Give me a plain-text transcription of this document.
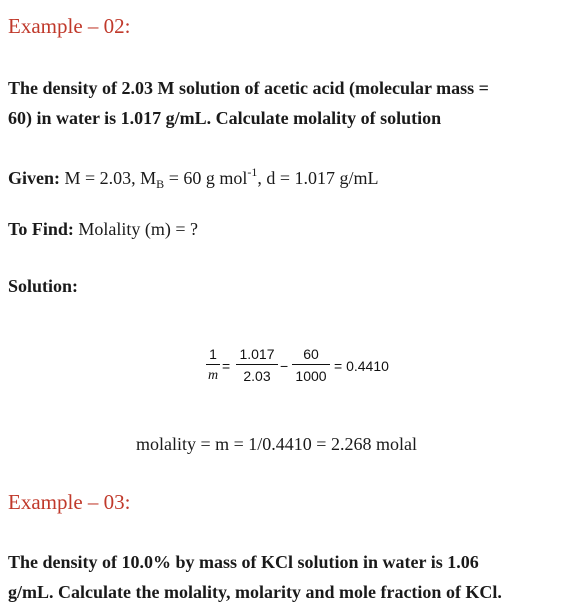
Example – 02:

The density of 2.03 M solution of acetic acid (molecular mass =
60) in water is 1.017 g/mL. Calculate molality of solution

Given: M = 2.03, $M_B = 60$ g mol$^{-1}$, d = 1.017 g/mL

To Find: Molality (m) = ?

Solution:

1
m
=
1.017
2.03
−
60
1000
= 0.4410

molality = m = 1/0.4410 = 2.268 molal

Example – 03:

The density of 10.0% by mass of KCl solution in water is 1.06
g/mL. Calculate the molality, molarity and mole fraction of KCl.
